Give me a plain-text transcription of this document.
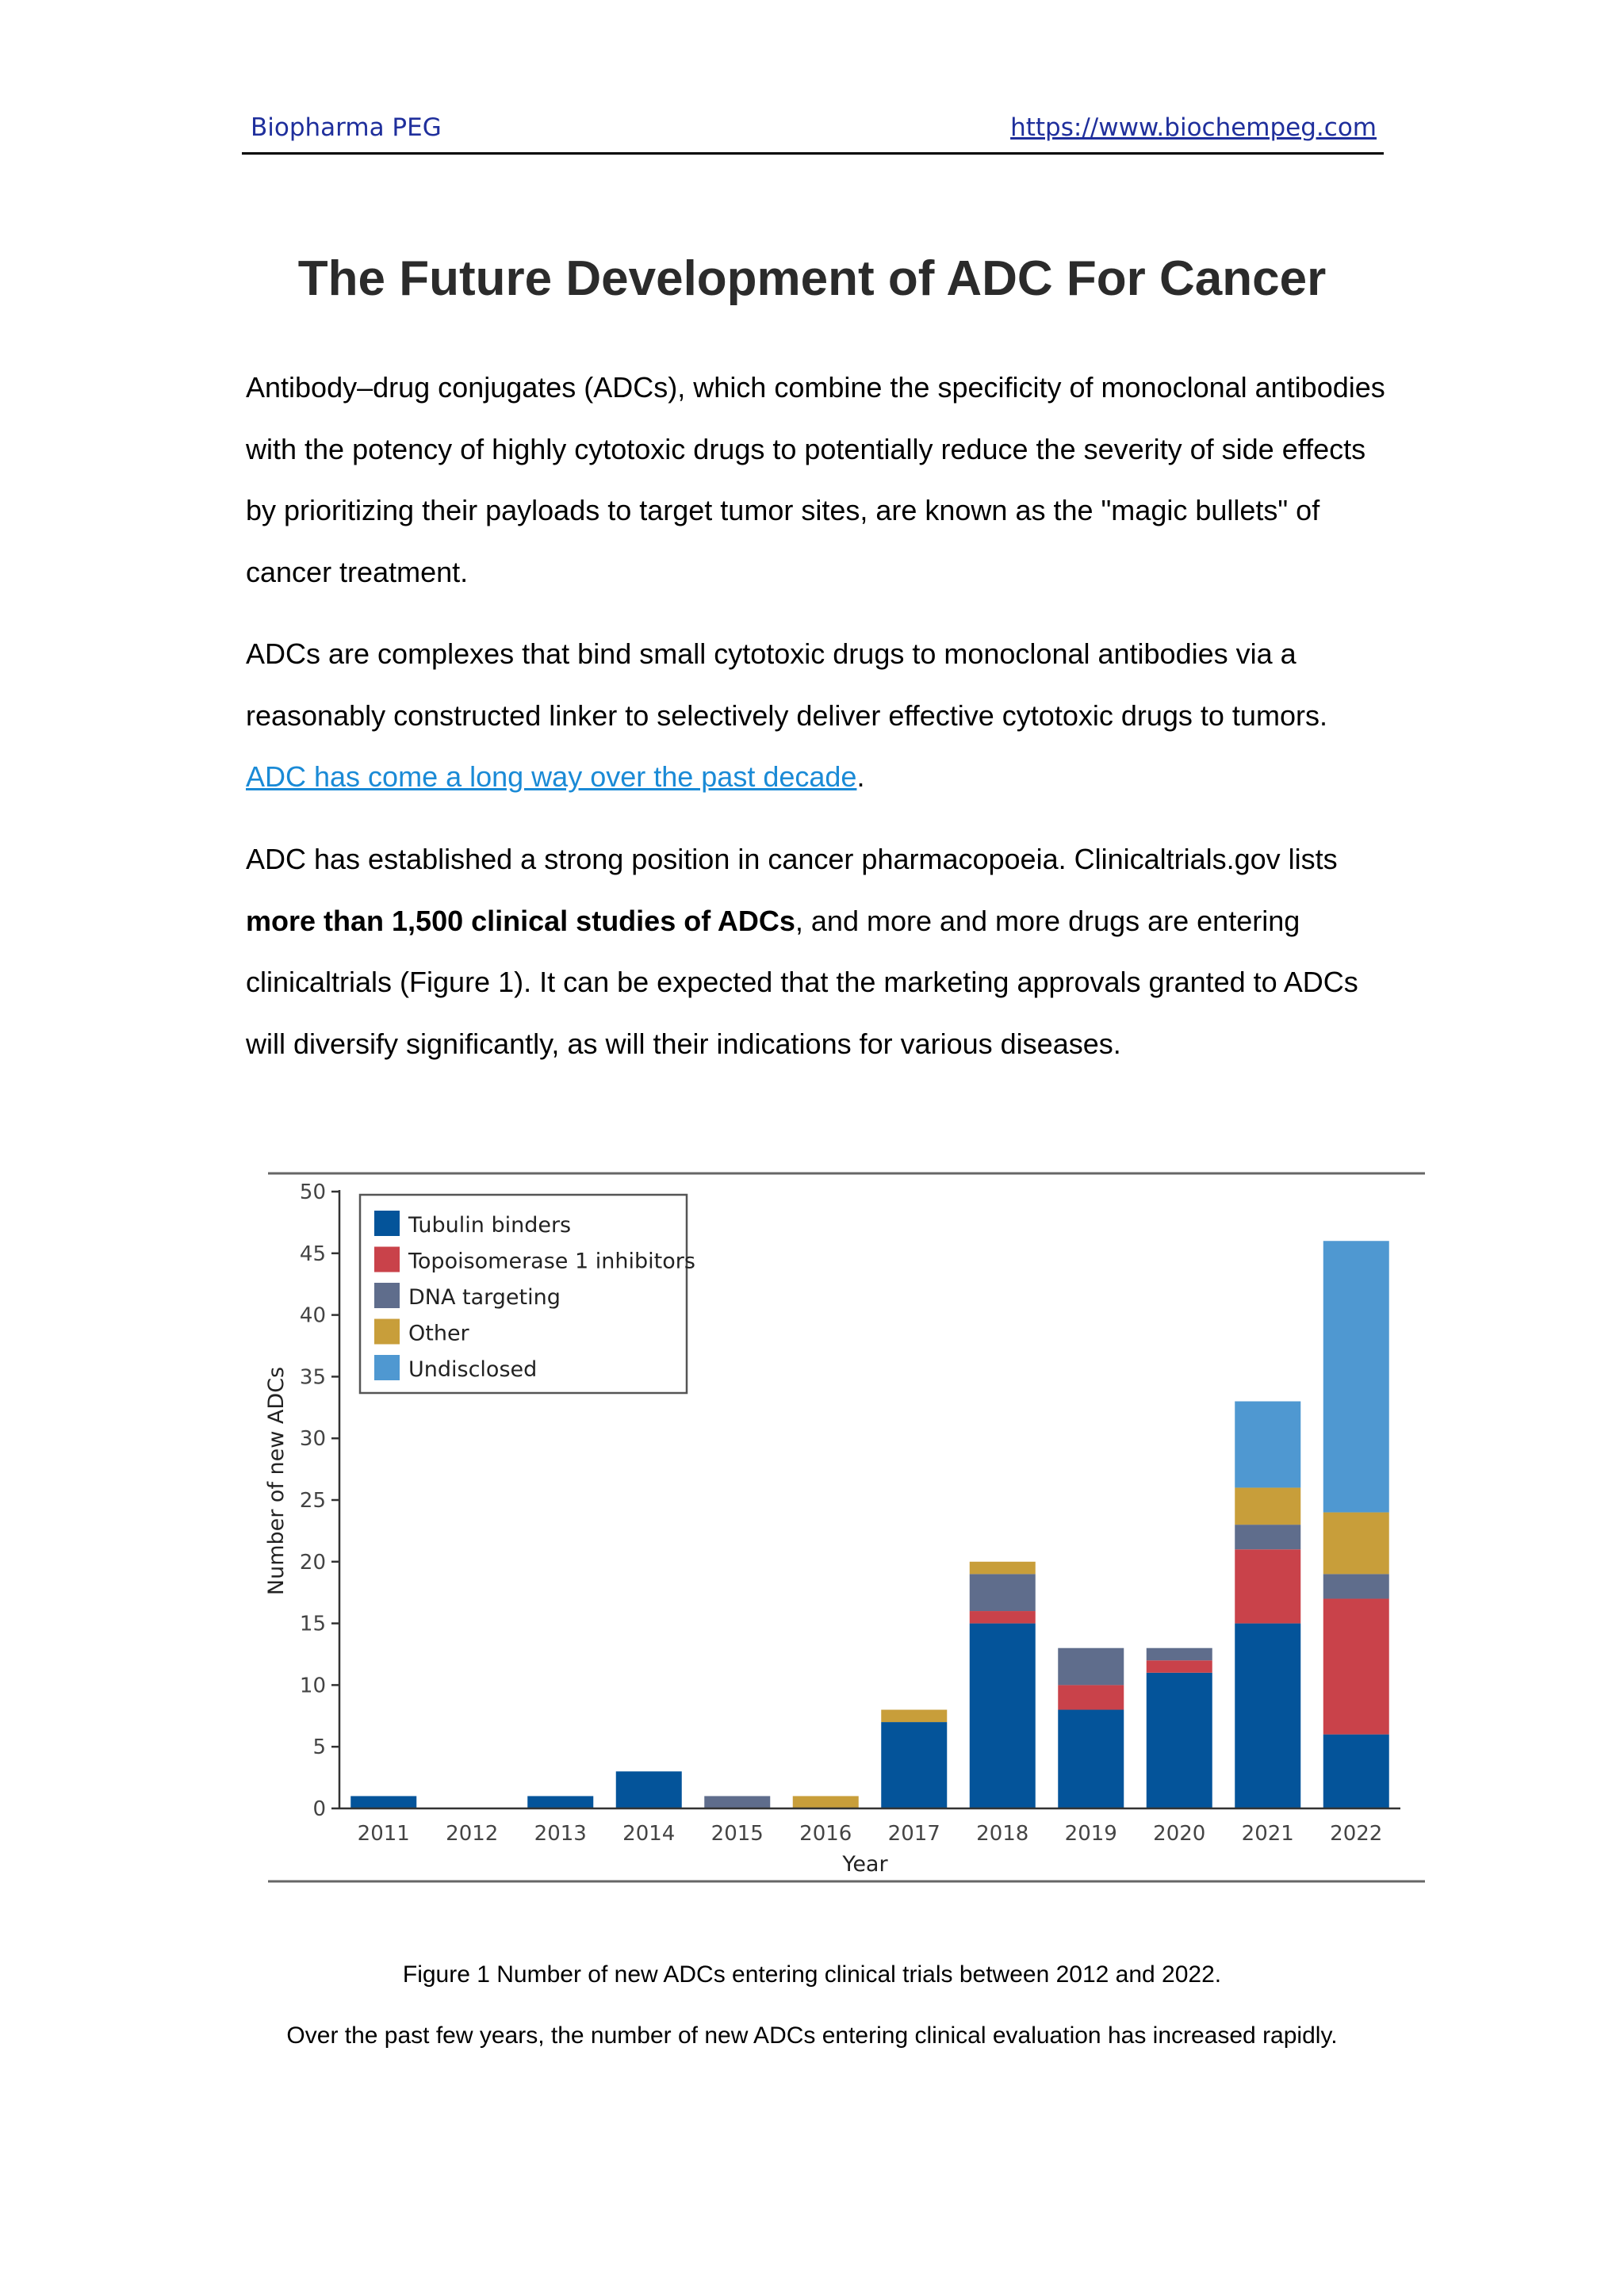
Biopharma PEG	https://www.biochempeg.com
The Future Development of ADC For Cancer

Antibody–drug conjugates (ADCs), which combine the specificity of monoclonal antibodies with the potency of highly cytotoxic drugs to potentially reduce the severity of side effects by prioritizing their payloads to target tumor sites, are known as the "magic bullets" of cancer treatment.

ADCs are complexes that bind small cytotoxic drugs to monoclonal antibodies via a reasonably constructed linker to selectively deliver effective cytotoxic drugs to tumors. ADC has come a long way over the past decade.

ADC has established a strong position in cancer pharmacopoeia. Clinicaltrials.gov lists more than 1,500 clinical studies of ADCs, and more and more drugs are entering clinicaltrials (Figure 1). It can be expected that the marketing approvals granted to ADCs will diversify significantly, as will their indications for various diseases.

0
5
10
15
20
25
30
35
40
45
50
2011 2012 2013 2014 2015 2016 2017 2018 2019 2020 2021 2022
Number of new ADCs
Year
Tubulin binders
Topoisomerase 1 inhibitors
DNA targeting
Other
Undisclosed

Figure 1 Number of new ADCs entering clinical trials between 2012 and 2022.

Over the past few years, the number of new ADCs entering clinical evaluation has increased rapidly.
